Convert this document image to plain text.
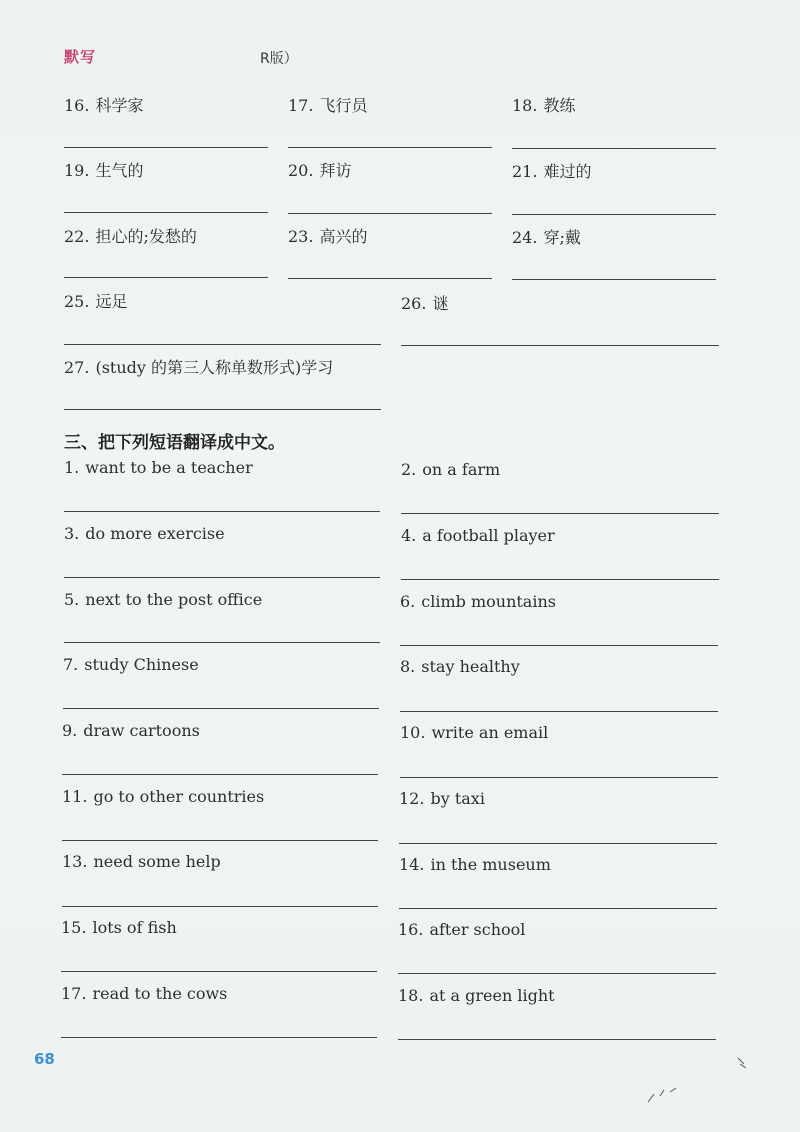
默写	R版）
16. 科学家	17. 飞行员	18. 教练
19. 生气的	20. 拜访	21. 难过的
22. 担心的;发愁的	23. 高兴的	24. 穿;戴
25. 远足	26. 谜
27. (study 的第三人称单数形式)学习
三、把下列短语翻译成中文。
1. want to be a teacher	2. on a farm
3. do more exercise	4. a football player
5. next to the post office	6. climb mountains
7. study Chinese	8. stay healthy
9. draw cartoons	10. write an email
11. go to other countries	12. by taxi
13. need some help	14. in the museum
15. lots of fish	16. after school
17. read to the cows	18. at a green light
68
